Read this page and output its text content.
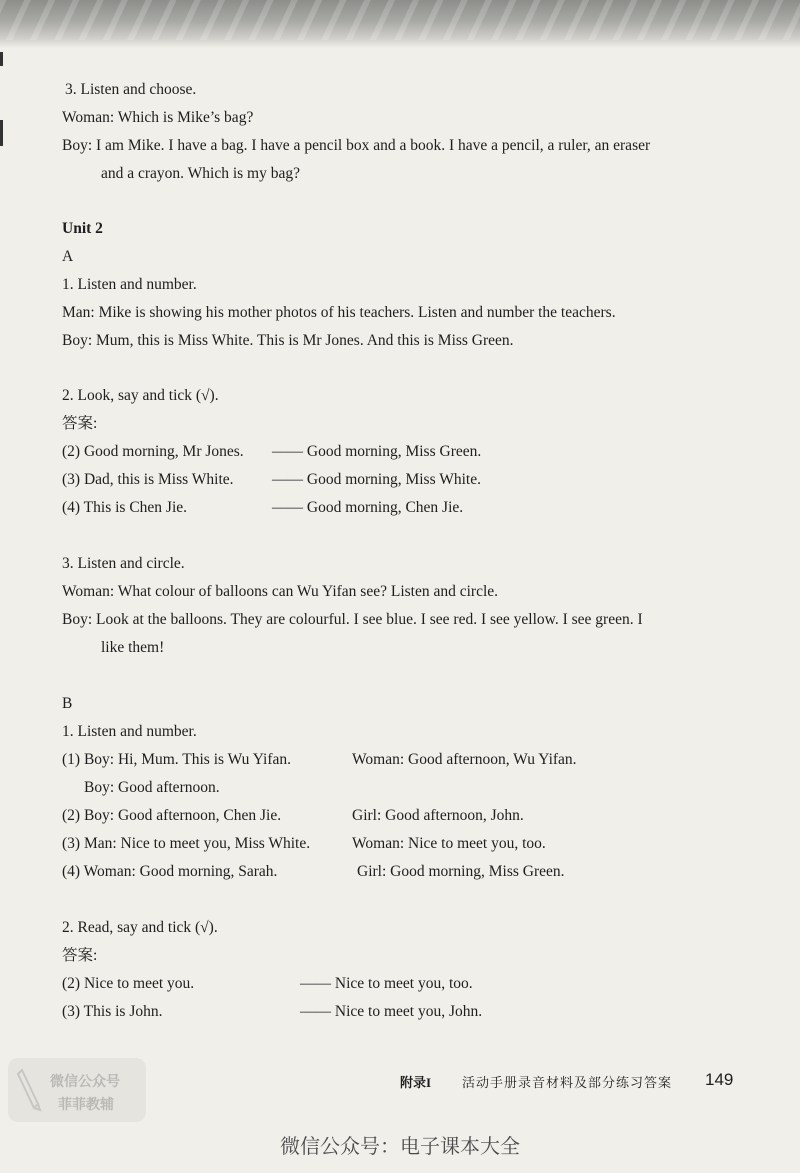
3. Listen and choose.
Woman: Which is Mike’s bag?
Boy: I am Mike. I have a bag. I have a pencil box and a book. I have a pencil, a ruler, an eraser
and a crayon. Which is my bag?
Unit 2
A
1. Listen and number.
Man: Mike is showing his mother photos of his teachers. Listen and number the teachers.
Boy: Mum, this is Miss White. This is Mr Jones. And this is Miss Green.
2. Look, say and tick (√).
答案:
(2) Good morning, Mr Jones. —— Good morning, Miss Green.
(3) Dad, this is Miss White. —— Good morning, Miss White.
(4) This is Chen Jie.	—— Good morning, Chen Jie.
3. Listen and circle.
Woman: What colour of balloons can Wu Yifan see? Listen and circle.
Boy: Look at the balloons. They are colourful. I see blue. I see red. I see yellow. I see green. I
like them!
B
1. Listen and number.
(1) Boy: Hi, Mum. This is Wu Yifan.	Woman: Good afternoon, Wu Yifan.
Boy: Good afternoon.
(2) Boy: Good afternoon, Chen Jie.	Girl: Good afternoon, John.
(3) Man: Nice to meet you, Miss White.	Woman: Nice to meet you, too.
(4) Woman: Good morning, Sarah.	Girl: Good morning, Miss Green.
2. Read, say and tick (√).
答案:
(2) Nice to meet you.	—— Nice to meet you, too.
(3) This is John.	—— Nice to meet you, John.
微信公众号
菲菲教辅
附录I 活动手册录音材料及部分练习答案 149
微信公众号：电子课本大全
